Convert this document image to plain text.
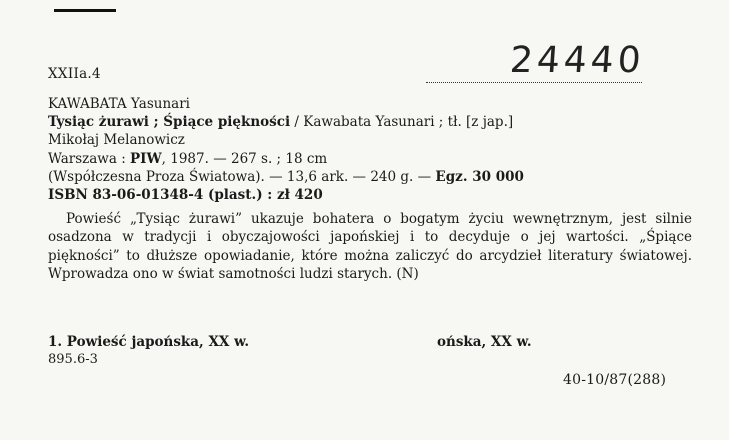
XXIIa.4	24440
KAWABATA Yasunari
Tysiąc żurawi ; Śpiące piękności / Kawabata Yasunari ; tł. [z jap.]
Mikołaj Melanowicz
Warszawa : PIW, 1987. — 267 s. ; 18 cm
(Współczesna Proza Światowa). — 13,6 ark. — 240 g. — Egz. 30 000
ISBN 83-06-01348-4 (plast.) : zł 420
Powieść „Tysiąc żurawi” ukazuje bohatera o bogatym życiu wewnętrznym, jest silnie osadzona w tradycji i obyczajowości japońskiej i to decyduje o jej wartości. „Śpiące piękności” to dłuższe opowiadanie, które można zaliczyć do arcydzieł literatury światowej. Wprowadza ono w świat samotności ludzi starych. (N)
1. Powieść japońska, XX w.	ońska, XX w.
895.6-3
40-10/87(288)
